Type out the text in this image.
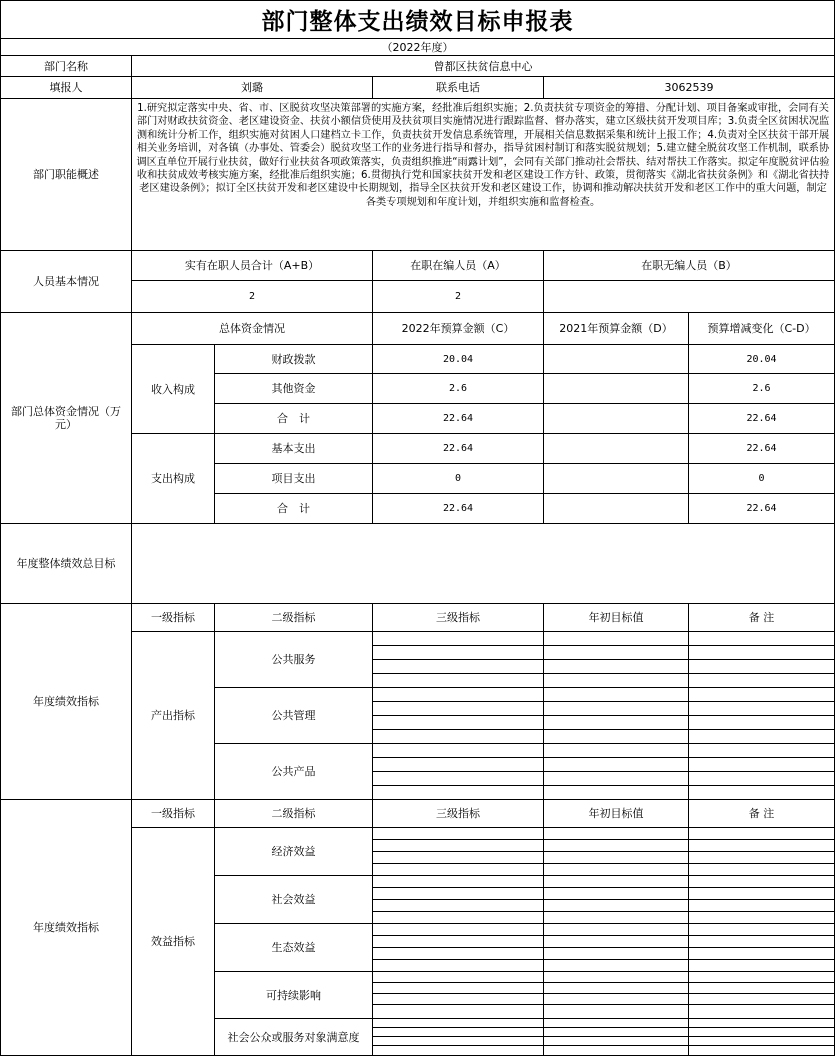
部门整体支出绩效目标申报表
（2022年度）					
部门名称	曾都区扶贫信息中心				
填报人	刘璐		联系电话	3062539	
部门职能概述	1.研究拟定落实中央、省、市、区脱贫攻坚决策部署的实施方案，经批准后组织实施；2.负责扶贫专项资金的筹措、分配计划、项目备案或审批，会同有关部门对财政扶贫资金、老区建设资金、扶贫小额信贷使用及扶贫项目实施情况进行跟踪监督、督办落实，建立区级扶贫开发项目库；3.负责全区贫困状况监测和统计分析工作，组织实施对贫困人口建档立卡工作，负责扶贫开发信息系统管理，开展相关信息数据采集和统计上报工作；4.负责对全区扶贫干部开展相关业务培训，对各镇（办事处、管委会）脱贫攻坚工作的业务进行指导和督办，指导贫困村制订和落实脱贫规划；5.建立健全脱贫攻坚工作机制，联系协调区直单位开展行业扶贫，做好行业扶贫各项政策落实，负责组织推进“雨露计划”，会同有关部门推动社会帮扶、结对帮扶工作落实。拟定年度脱贫评估验收和扶贫成效考核实施方案，经批准后组织实施；6.贯彻执行党和国家扶贫开发和老区建设工作方针、政策，贯彻落实《湖北省扶贫条例》和《湖北省扶持老区建设条例》；拟订全区扶贫开发和老区建设中长期规划，指导全区扶贫开发和老区建设工作，协调和推动解决扶贫开发和老区工作中的重大问题，制定各类专项规划和年度计划，并组织实施和监督检查。				
人员基本情况	实有在职人员合计（A+B）		在职在编人员（A）	在职无编人员（B）	
	2		2		
部门总体资金情况（万元）	总体资金情况		2022年预算金额（C）	2021年预算金额（D）	预算增减变化（C-D）
	收入构成	财政拨款	20.04		20.04
		其他资金	2.6		2.6
		合　计	22.64		22.64
	支出构成	基本支出	22.64		22.64
		项目支出	0		0
		合　计	22.64		22.64
年度整体绩效总目标					
年度绩效指标	一级指标	二级指标	三级指标	年初目标值	备 注
	产出指标	公共服务			

		公共管理			

		公共产品			

年度绩效指标	一级指标	二级指标	三级指标	年初目标值	备 注
	效益指标	经济效益			

		社会效益			

		生态效益			

		可持续影响			

		社会公众或服务对象满意度			
